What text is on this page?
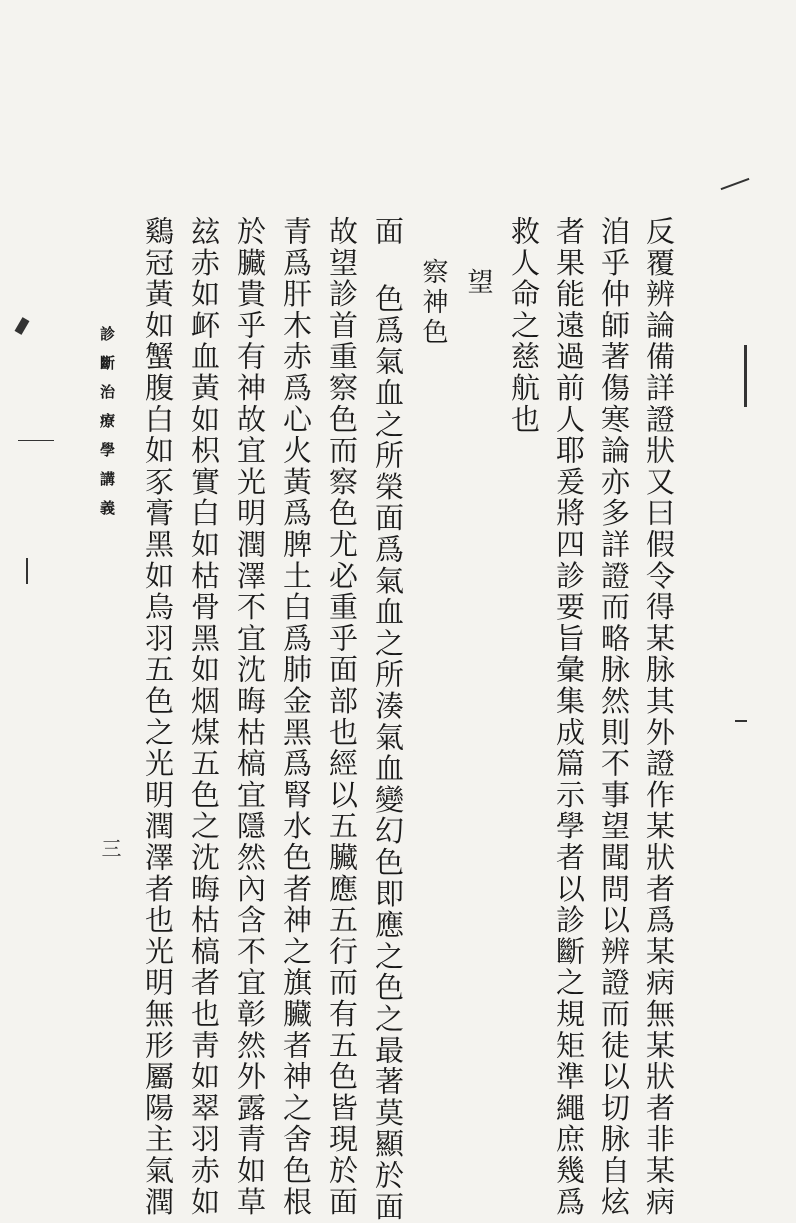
反覆辨論備詳證狀又曰假令得某脉其外證作某狀者爲某病無某狀者非某病
洎乎仲師著傷寒論亦多詳證而略脉然則不事望聞問以辨證而徒以切脉自炫
者果能遠過前人耶爰將四診要旨彙集成篇示學者以診斷之規矩準繩庶幾爲
救人命之慈航也
望
察神色
面 色爲氣血之所榮面爲氣血之所湊氣血變幻色即應之色之最著莫顯於面
故望診首重察色而察色尤必重乎面部也經以五臟應五行而有五色皆現於面
青爲肝木赤爲心火黃爲脾土白爲肺金黑爲腎水色者神之旗臟者神之舍色根
於臟貴乎有神故宜光明潤澤不宜沈晦枯槁宜隱然內含不宜彰然外露青如草
玆赤如衃血黃如枳實白如枯骨黑如烟煤五色之沈晦枯槁者也靑如翠羽赤如
鷄冠黃如蟹腹白如豕膏黑如烏羽五色之光明潤澤者也光明無形屬陽主氣潤
診斷治療學講義
三
